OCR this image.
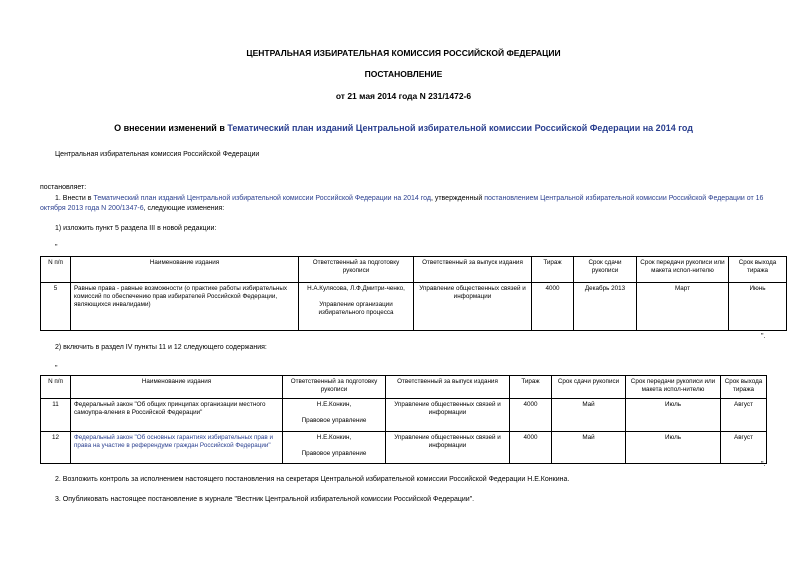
ЦЕНТРАЛЬНАЯ ИЗБИРАТЕЛЬНАЯ КОМИССИЯ РОССИЙСКОЙ ФЕДЕРАЦИИ
ПОСТАНОВЛЕНИЕ
от 21 мая 2014 года N 231/1472-6
О внесении изменений в Тематический план изданий Центральной избирательной комиссии Российской Федерации на 2014 год
Центральная избирательная комиссия Российской Федерации
постановляет:
1. Внести в Тематический план изданий Центральной избирательной комиссии Российской Федерации на 2014 год, утвержденный постановлением Центральной избирательной комиссии Российской Федерации от 16 октября 2013 года N 200/1347-6, следующие изменения:
1) изложить пункт 5 раздела III в новой редакции:
"
N п/п	Наименование издания	Ответственный за подготовку рукописи	Ответственный за выпуск издания	Тираж	Срок сдачи рукописи	Срок передачи рукописи или макета испол-нителю	Срок выхода тиража
5	Равные права - равные возможности (о практике работы избирательных комиссий по обеспечению прав избирателей Российской Федерации, являющихся инвалидами)	Н.А.Кулясова, Л.Ф.Дмитри-ченко,
Управление организации избирательного процесса	Управление общественных связей и информации	4000	Декабрь 2013	Март	Июнь
".
2) включить в раздел IV пункты 11 и 12 следующего содержания:
"
N п/п	Наименование издания	Ответственный за подготовку рукописи	Ответственный за выпуск издания	Тираж	Срок сдачи рукописи	Срок передачи рукописи или макета испол-нителю	Срок выхода тиража
11	Федеральный закон "Об общих принципах организации местного самоупра-вления в Российской Федерации"	Н.Е.Конкин,
Правовое управление	Управление общественных связей и информации	4000	Май	Июль	Август
12	Федеральный закон "Об основных гарантиях избирательных прав и права на участие в референдуме граждан Российской Федерации"	Н.Е.Конкин,
Правовое управление	Управление общественных связей и информации	4000	Май	Июль	Август
".
2. Возложить контроль за исполнением настоящего постановления на секретаря Центральной избирательной комиссии Российской Федерации Н.Е.Конкина.
3. Опубликовать настоящее постановление в журнале "Вестник Центральной избирательной комиссии Российской Федерации".
